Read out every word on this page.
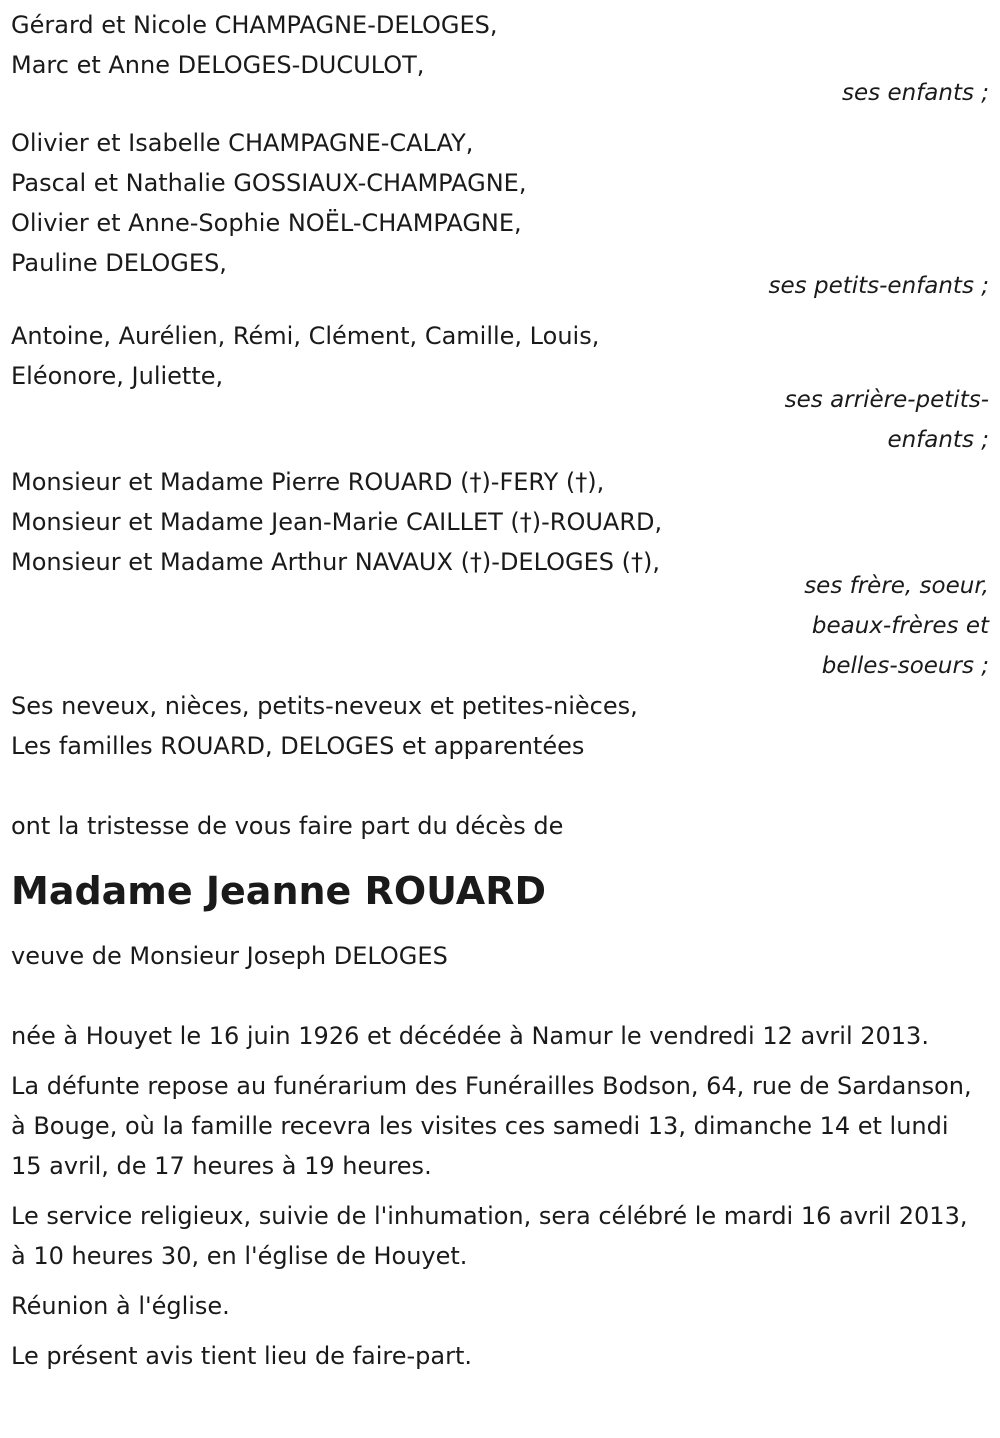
Gérard et Nicole CHAMPAGNE-DELOGES,
Marc et Anne DELOGES-DUCULOT,
ses enfants ;
Olivier et Isabelle CHAMPAGNE-CALAY,
Pascal et Nathalie GOSSIAUX-CHAMPAGNE,
Olivier et Anne-Sophie NOËL-CHAMPAGNE,
Pauline DELOGES,
ses petits-enfants ;
Antoine, Aurélien, Rémi, Clément, Camille, Louis,
Eléonore, Juliette,
ses arrière-petits-
enfants ;
Monsieur et Madame Pierre ROUARD (†)-FERY (†),
Monsieur et Madame Jean-Marie CAILLET (†)-ROUARD,
Monsieur et Madame Arthur NAVAUX (†)-DELOGES (†),
ses frère, soeur,
beaux-frères et
belles-soeurs ;
Ses neveux, nièces, petits-neveux et petites-nièces,
Les familles ROUARD, DELOGES et apparentées
ont la tristesse de vous faire part du décès de
Madame Jeanne ROUARD
veuve de Monsieur Joseph DELOGES
née à Houyet le 16 juin 1926 et décédée à Namur le vendredi 12 avril 2013.
La défunte repose au funérarium des Funérailles Bodson, 64, rue de Sardanson, à Bouge, où la famille recevra les visites ces samedi 13, dimanche 14 et lundi 15 avril, de 17 heures à 19 heures.
Le service religieux, suivie de l'inhumation, sera célébré le mardi 16 avril 2013, à 10 heures 30, en l'église de Houyet.
Réunion à l'église.
Le présent avis tient lieu de faire-part.
